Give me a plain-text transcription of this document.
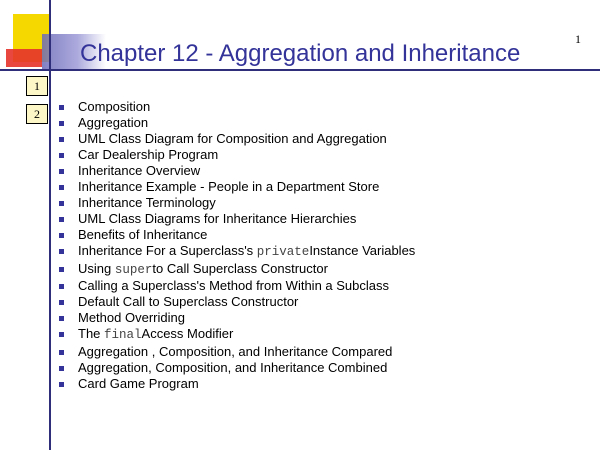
1
Chapter 12 - Aggregation and Inheritance
1
2	Composition
Aggregation
UML Class Diagram for Composition and Aggregation
Car Dealership Program
Inheritance Overview
Inheritance Example - People in a Department Store
Inheritance Terminology
UML Class Diagrams for Inheritance Hierarchies
Benefits of Inheritance
Inheritance For a Superclass's privateInstance Variables
Using superto Call Superclass Constructor
Calling a Superclass's Method from Within a Subclass
Default Call to Superclass Constructor
Method Overriding
The finalAccess Modifier
Aggregation , Composition, and Inheritance Compared
Aggregation, Composition, and Inheritance Combined
Card Game Program
